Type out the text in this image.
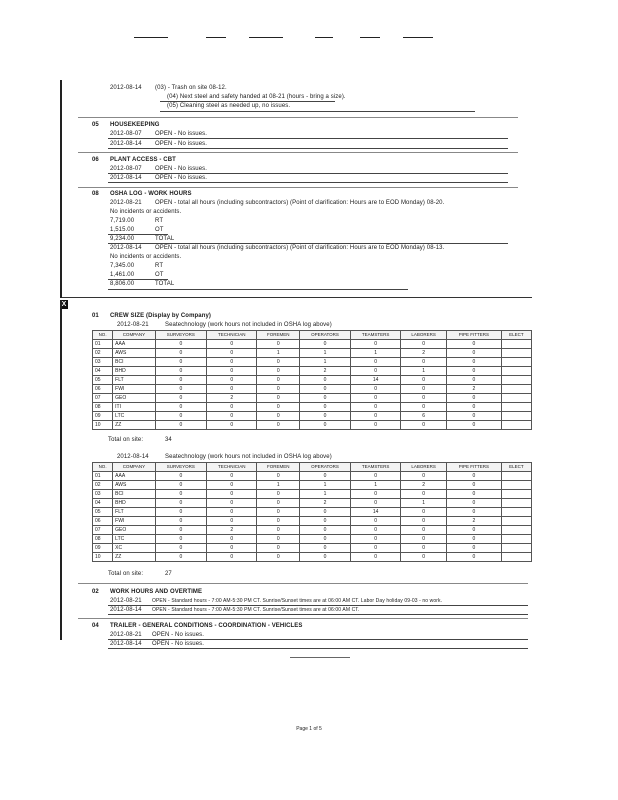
2012-08-14 (03) - Trash on site 08-12.
(04) Next steel and safety handed at 08-21 (hours - bring a size).
(05) Cleaning steel as needed up, no issues.
05 HOUSEKEEPING
2012-08-07 OPEN - No issues.
2012-08-14 OPEN - No issues.
06 PLANT ACCESS - CBT
2012-08-07 OPEN - No issues.
2012-08-14 OPEN - No issues.
08 OSHA LOG - WORK HOURS
2012-08-21 OPEN - total all hours (including subcontractors) (Point of clarification: Hours are to EOD Monday) 08-20.
No incidents or accidents.
7,719.00	RT
1,515.00	OT
9,234.00	TOTAL
2012-08-14 OPEN - total all hours (including subcontractors) (Point of clarification: Hours are to EOD Monday) 08-13.
No incidents or accidents.
7,345.00	RT
1,461.00	OT
8,806.00	TOTAL
X
01 CREW SIZE (Display by Company)
2012-08-21	Seatechnology (work hours not included in OSHA log above)
NO.	COMPANY	SURVEYORS	TECHNICIAN	FOREMEN	OPERATORS	TEAMSTERS	LABORERS	PIPE FITTERS	ELECT
01	AAA	0	0	0	0	0	0	0	
02	AWS	0	0	1	1	1	2	0	
03	BCI	0	0	0	1	0	0	0	
04	BHD	0	0	0	2	0	1	0	
05	FLT	0	0	0	0	14	0	0	
06	FWI	0	0	0	0	0	0	2	
07	GEO	0	2	0	0	0	0	0	
08	ITI	0	0	0	0	0	0	0	
09	LTC	0	0	0	0	0	6	0	
10	ZZ	0	0	0	0	0	0	0	
Total on site:	34
2012-08-14	Seatechnology (work hours not included in OSHA log above)
NO.	COMPANY	SURVEYORS	TECHNICIAN	FOREMEN	OPERATORS	TEAMSTERS	LABORERS	PIPE FITTERS	ELECT
01	AAA	0	0	0	0	0	0	0	
02	AWS	0	0	1	1	1	2	0	
03	BCI	0	0	0	1	0	0	0	
04	BHD	0	0	0	2	0	1	0	
05	FLT	0	0	0	0	14	0	0	
06	FWI	0	0	0	0	0	0	2	
07	GEO	0	2	0	0	0	0	0	
08	LTC	0	0	0	0	0	0	0	
09	XC	0	0	0	0	0	0	0	
10	ZZ	0	0	0	0	0	0	0	
Total on site:	27
02 WORK HOURS AND OVERTIME
2012-08-21 OPEN - Standard hours - 7:00 AM-5:30 PM CT. Sunrise/Sunset times are at 06:00 AM CT. Labor Day holiday 09-03 - no work.
2012-08-14 OPEN - Standard hours - 7:00 AM-5:30 PM CT. Sunrise/Sunset times are at 06:00 AM CT.
04 TRAILER - GENERAL CONDITIONS - COORDINATION - VEHICLES
2012-08-21 OPEN - No issues.
2012-08-14 OPEN - No issues.
Page 1 of 5
